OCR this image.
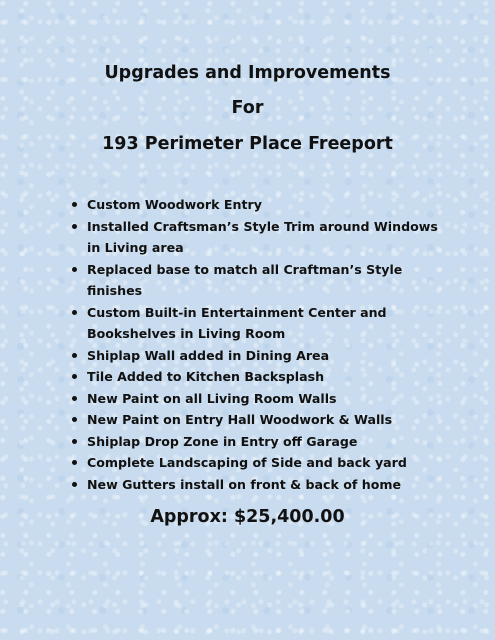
Upgrades and Improvements
For
193 Perimeter Place Freeport
Custom Woodwork Entry
Installed Craftsman’s Style Trim around Windows in Living area
Replaced base to match all Craftman’s Style finishes
Custom Built-in Entertainment Center and Bookshelves in Living Room
Shiplap Wall added in Dining Area
Tile Added to Kitchen Backsplash
New Paint on all Living Room Walls
New Paint on Entry Hall Woodwork & Walls
Shiplap Drop Zone in Entry off Garage
Complete Landscaping of Side and back yard
New Gutters install on front & back of home
Approx: $25,400.00
